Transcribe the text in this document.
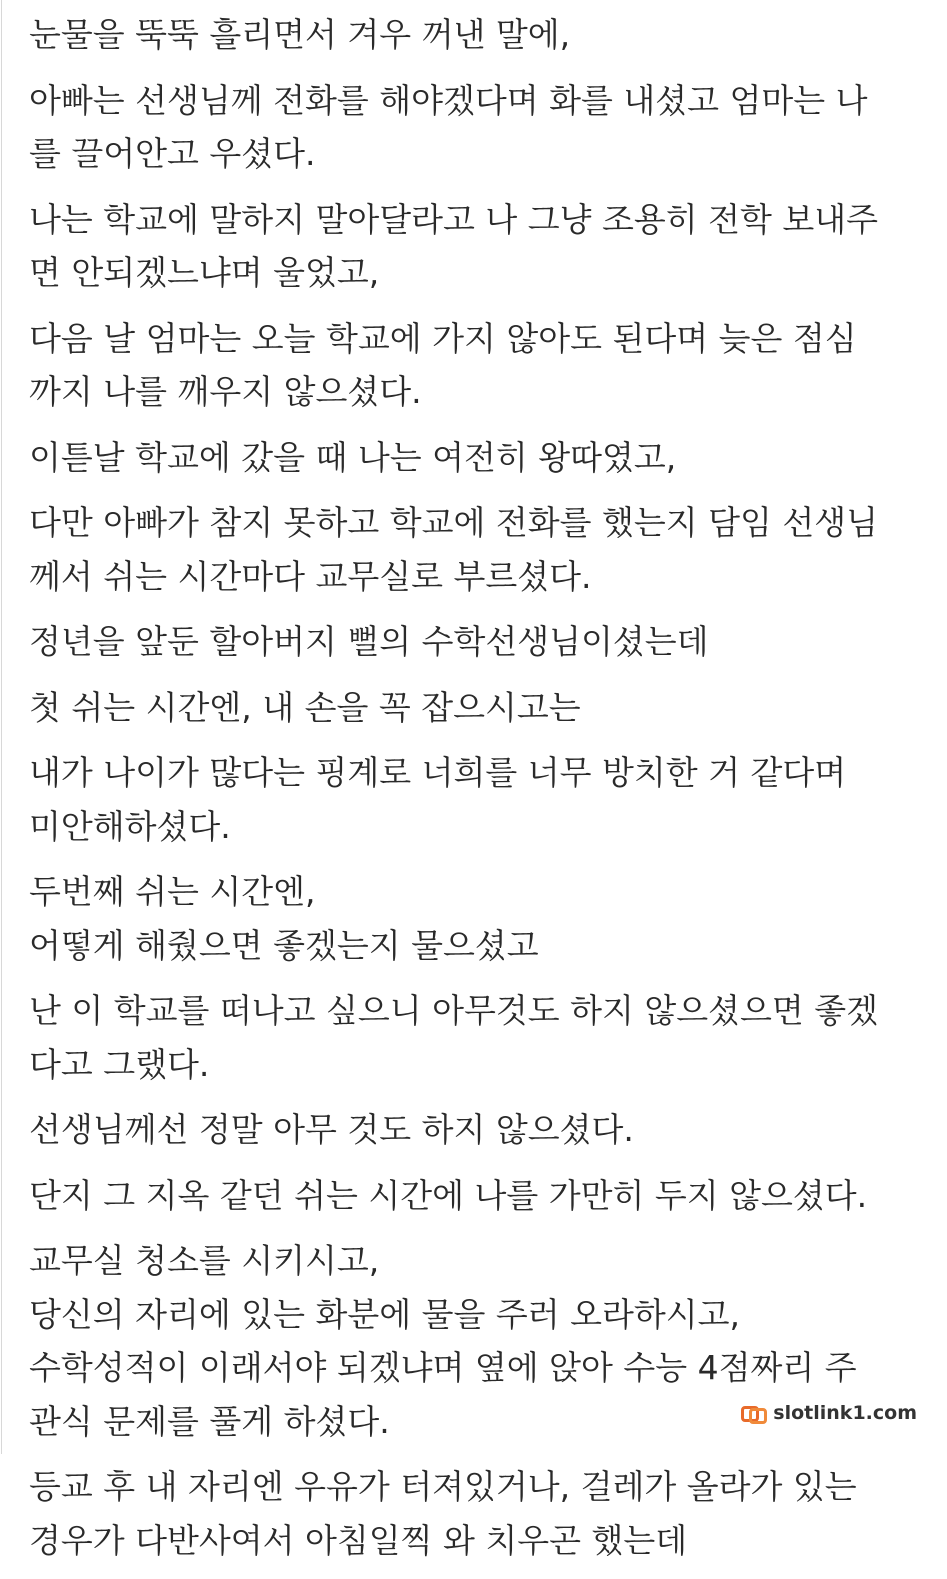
눈물을 뚝뚝 흘리면서 겨우 꺼낸 말에,
아빠는 선생님께 전화를 해야겠다며 화를 내셨고 엄마는 나
를 끌어안고 우셨다.
나는 학교에 말하지 말아달라고 나 그냥 조용히 전학 보내주
면 안되겠느냐며 울었고,
다음 날 엄마는 오늘 학교에 가지 않아도 된다며 늦은 점심
까지 나를 깨우지 않으셨다.
이튿날 학교에 갔을 때 나는 여전히 왕따였고,
다만 아빠가 참지 못하고 학교에 전화를 했는지 담임 선생님
께서 쉬는 시간마다 교무실로 부르셨다.
정년을 앞둔 할아버지 뻘의 수학선생님이셨는데
첫 쉬는 시간엔, 내 손을 꼭 잡으시고는
내가 나이가 많다는 핑계로 너희를 너무 방치한 거 같다며
미안해하셨다.
두번째 쉬는 시간엔,
어떻게 해줬으면 좋겠는지 물으셨고
난 이 학교를 떠나고 싶으니 아무것도 하지 않으셨으면 좋겠
다고 그랬다.
선생님께선 정말 아무 것도 하지 않으셨다.
단지 그 지옥 같던 쉬는 시간에 나를 가만히 두지 않으셨다.
교무실 청소를 시키시고,
당신의 자리에 있는 화분에 물을 주러 오라하시고,
수학성적이 이래서야 되겠냐며 옆에 앉아 수능 4점짜리 주
관식 문제를 풀게 하셨다.
등교 후 내 자리엔 우유가 터져있거나, 걸레가 올라가 있는
경우가 다반사여서 아침일찍 와 치우곤 했는데
slotlink1.com
